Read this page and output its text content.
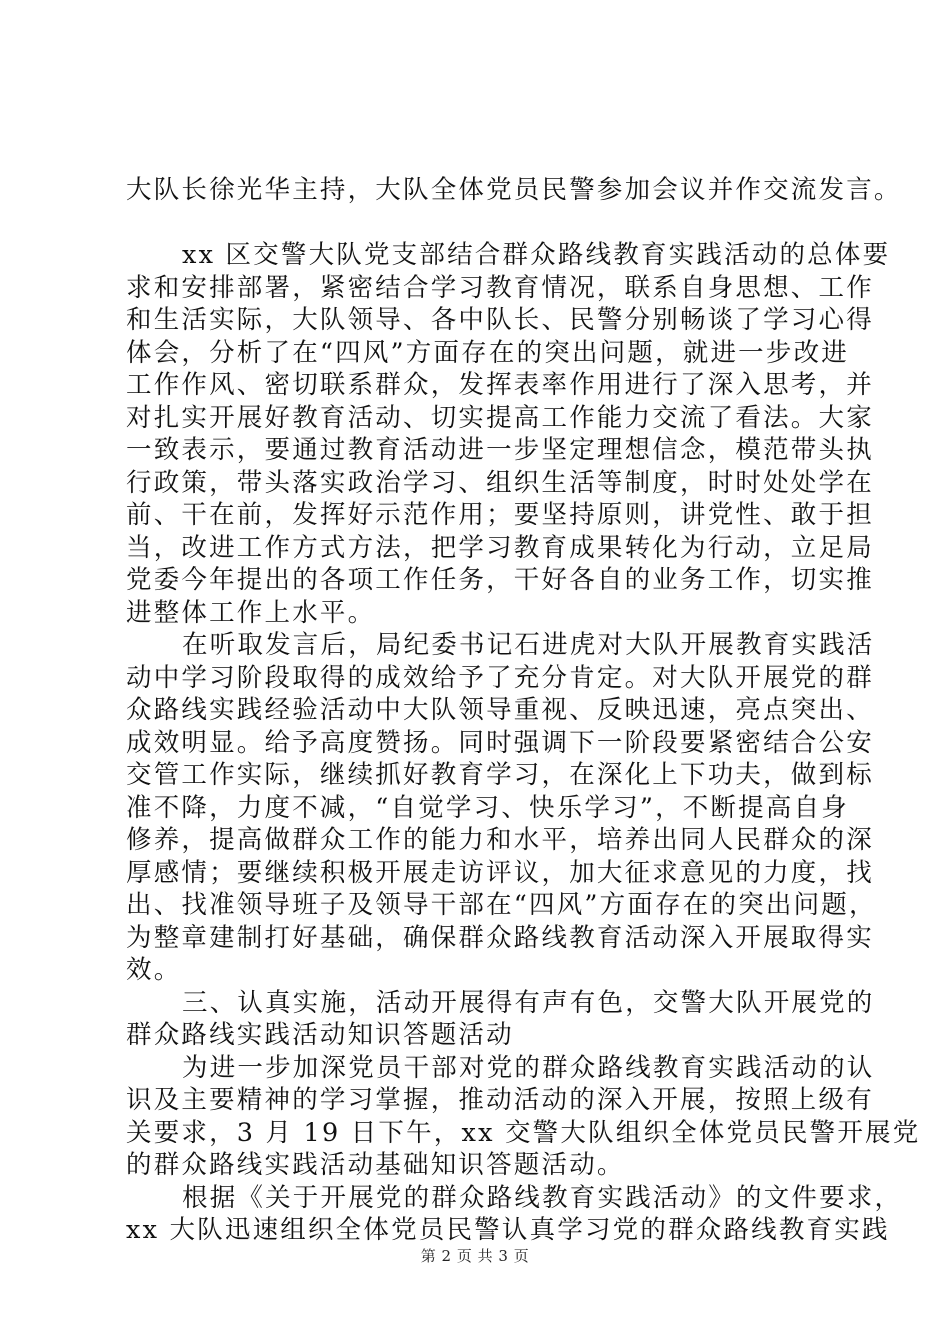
大队长徐光华主持，大队全体党员民警参加会议并作交流发言。
xx 区交警大队党支部结合群众路线教育实践活动的总体要
求和安排部署，紧密结合学习教育情况，联系自身思想、工作
和生活实际，大队领导、各中队长、民警分别畅谈了学习心得
体会，分析了在“四风”方面存在的突出问题，就进一步改进
工作作风、密切联系群众，发挥表率作用进行了深入思考，并
对扎实开展好教育活动、切实提高工作能力交流了看法。大家
一致表示，要通过教育活动进一步坚定理想信念，模范带头执
行政策，带头落实政治学习、组织生活等制度，时时处处学在
前、干在前，发挥好示范作用；要坚持原则，讲党性、敢于担
当，改进工作方式方法，把学习教育成果转化为行动，立足局
党委今年提出的各项工作任务，干好各自的业务工作，切实推
进整体工作上水平。
在听取发言后，局纪委书记石进虎对大队开展教育实践活
动中学习阶段取得的成效给予了充分肯定。对大队开展党的群
众路线实践经验活动中大队领导重视、反映迅速，亮点突出、
成效明显。给予高度赞扬。同时强调下一阶段要紧密结合公安
交管工作实际，继续抓好教育学习，在深化上下功夫，做到标
准不降，力度不减，“自觉学习、快乐学习”，不断提高自身
修养，提高做群众工作的能力和水平，培养出同人民群众的深
厚感情；要继续积极开展走访评议，加大征求意见的力度，找
出、找准领导班子及领导干部在“四风”方面存在的突出问题，
为整章建制打好基础，确保群众路线教育活动深入开展取得实
效。
三、认真实施，活动开展得有声有色，交警大队开展党的
群众路线实践活动知识答题活动
为进一步加深党员干部对党的群众路线教育实践活动的认
识及主要精神的学习掌握，推动活动的深入开展，按照上级有
关要求，3 月 19 日下午，xx 交警大队组织全体党员民警开展党
的群众路线实践活动基础知识答题活动。
根据《关于开展党的群众路线教育实践活动》的文件要求，
xx 大队迅速组织全体党员民警认真学习党的群众路线教育实践
第 2 页 共 3 页
